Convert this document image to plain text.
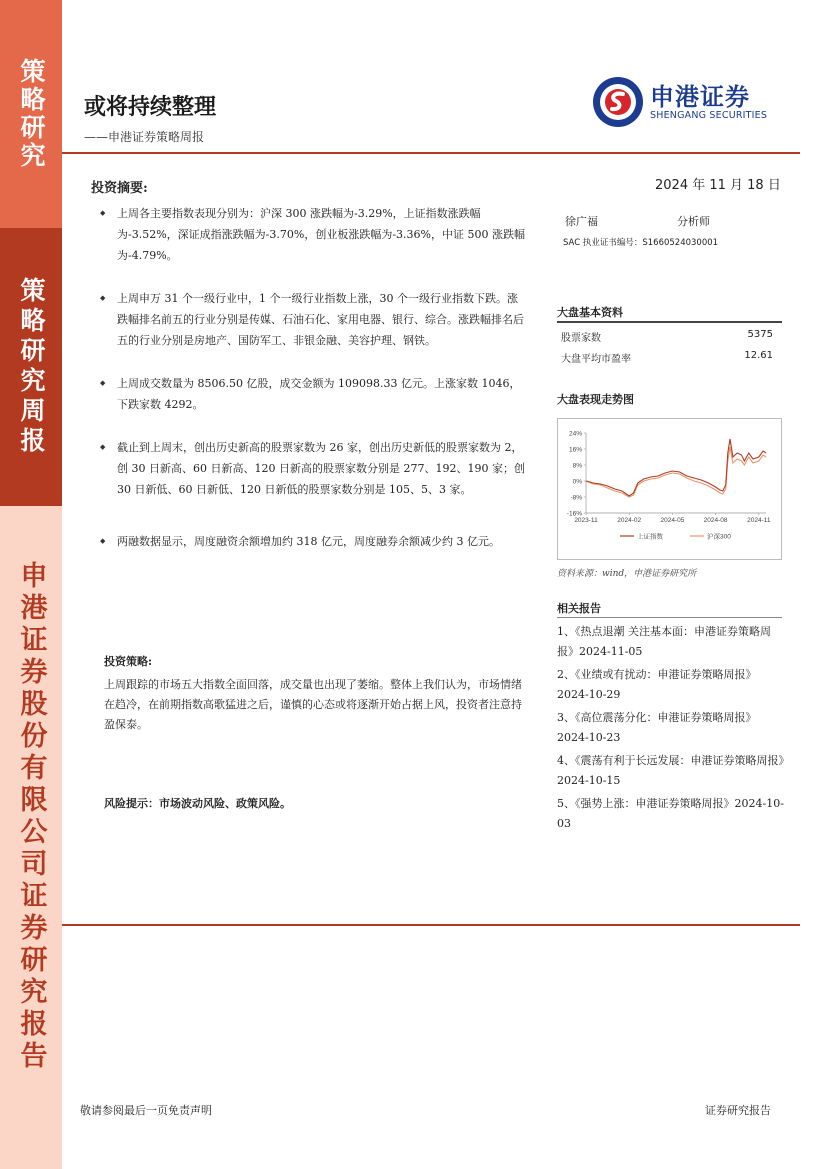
策略研究
策略研究周报
申港证券股份有限公司证券研究报告
或将持续整理
——申港证券策略周报
申港证券
SHENGANG SECURITIES
投资摘要:	2024 年 11 月 18 日
◆ 上周各主要指数表现分别为：沪深 300 涨跌幅为-3.29%，上证指数涨跌幅为-3.52%，深证成指涨跌幅为-3.70%，创业板涨跌幅为-3.36%，中证 500 涨跌幅为-4.79%。
◆ 上周申万 31 个一级行业中，1 个一级行业指数上涨，30 个一级行业指数下跌。涨跌幅排名前五的行业分别是传媒、石油石化、家用电器、银行、综合。涨跌幅排名后五的行业分别是房地产、国防军工、非银金融、美容护理、钢铁。
◆ 上周成交数量为 8506.50 亿股，成交金额为 109098.33 亿元。上涨家数 1046，下跌家数 4292。
◆ 截止到上周末，创出历史新高的股票家数为 26 家，创出历史新低的股票家数为 2，创 30 日新高、60 日新高、120 日新高的股票家数分别是 277、192、190 家；创 30 日新低、60 日新低、120 日新低的股票家数分别是 105、5、3 家。
◆ 两融数据显示，周度融资余额增加约 318 亿元，周度融券余额减少约 3 亿元。
投资策略:
上周跟踪的市场五大指数全面回落，成交量也出现了萎缩。整体上我们认为，市场情绪在趋冷，在前期指数高歌猛进之后，谨慎的心态或将逐渐开始占据上风，投资者注意持盈保泰。
风险提示：市场波动风险、政策风险。
徐广福	分析师
SAC 执业证书编号：S1660524030001
大盘基本资料
股票家数	5375
大盘平均市盈率	12.61
大盘表现走势图
24%
16%
8%
0%
-8%
-16%
2023-11	2024-02	2024-05	2024-08	2024-11
上证指数	沪深300
资料来源：wind，申港证券研究所
相关报告
1、《热点退潮 关注基本面：申港证券策略周报》2024-11-05
2、《业绩或有扰动：申港证券策略周报》2024-10-29
3、《高位震荡分化：申港证券策略周报》2024-10-23
4、《震荡有利于长远发展：申港证券策略周报》2024-10-15
5、《强势上涨：申港证券策略周报》2024-10-03
敬请参阅最后一页免责声明	证券研究报告
